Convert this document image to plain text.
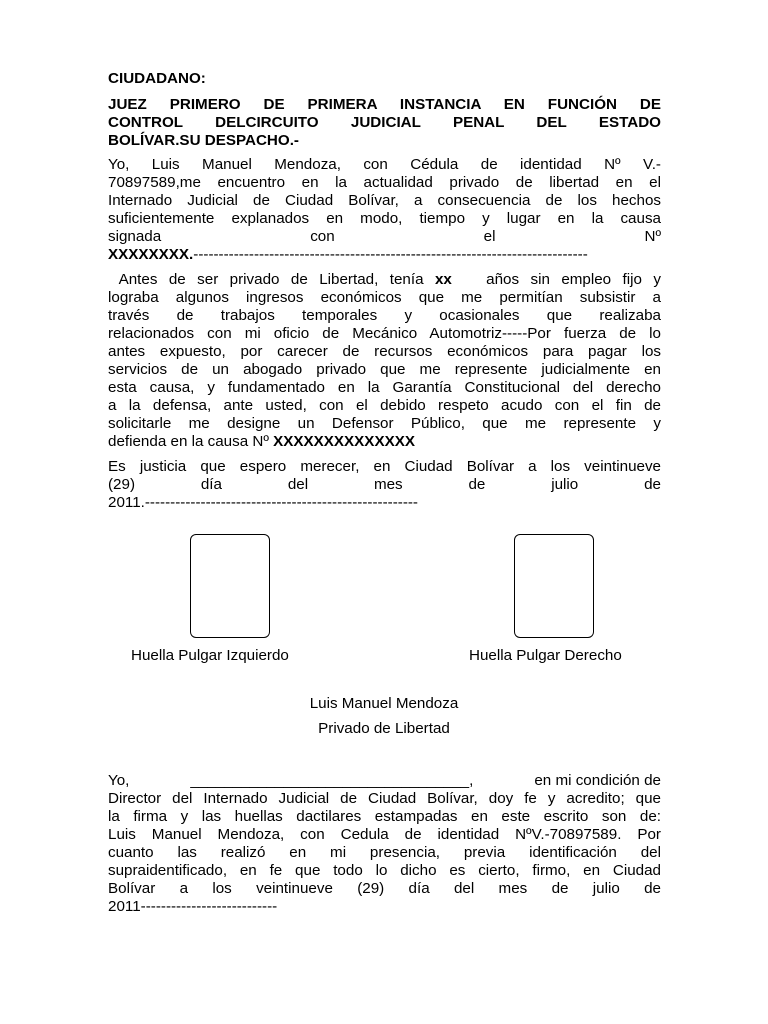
CIUDADANO:
JUEZ PRIMERO DE PRIMERA INSTANCIA EN FUNCIÓN DE
CONTROL DELCIRCUITO JUDICIAL PENAL DEL ESTADO
BOLÍVAR.SU DESPACHO.-
Yo, Luis Manuel Mendoza, con Cédula de identidad Nº V.-
70897589,me encuentro en la actualidad privado de libertad en el
Internado Judicial de Ciudad Bolívar, a consecuencia de los hechos
suficientemente explanados en modo, tiempo y lugar en la causa
signada con el Nº
XXXXXXXX.------------------------------------------------------------------------------
Antes de ser privado de Libertad, tenía xx   años sin empleo fijo y
lograba algunos ingresos económicos que me permitían subsistir a
través de trabajos temporales y ocasionales que realizaba
relacionados con mi oficio de Mecánico Automotriz-----Por fuerza de lo
antes expuesto, por carecer de recursos económicos para pagar los
servicios de un abogado privado que me represente judicialmente en
esta causa, y fundamentado en la Garantía Constitucional del derecho
a la defensa, ante usted, con el debido respeto acudo con el fin de
solicitarle me designe un Defensor Público, que me represente y
defienda en la causa Nº XXXXXXXXXXXXXX
Es justicia que espero merecer, en Ciudad Bolívar a los veintinueve
(29) día del mes de julio de
2011.------------------------------------------------------
Huella Pulgar Izquierdo	Huella Pulgar Derecho
Luis Manuel Mendoza
Privado de Libertad
Yo,	_________________________________,	en mi condición de
Director del Internado Judicial de Ciudad Bolívar, doy fe y acredito; que
la firma y las huellas dactilares estampadas en este escrito son de:
Luis Manuel Mendoza, con Cedula de identidad NºV.-70897589. Por
cuanto las realizó en mi presencia, previa identificación del
supraidentificado, en fe que todo lo dicho es cierto, firmo, en Ciudad
Bolívar a los veintinueve (29) día del mes de julio de
2011---------------------------
